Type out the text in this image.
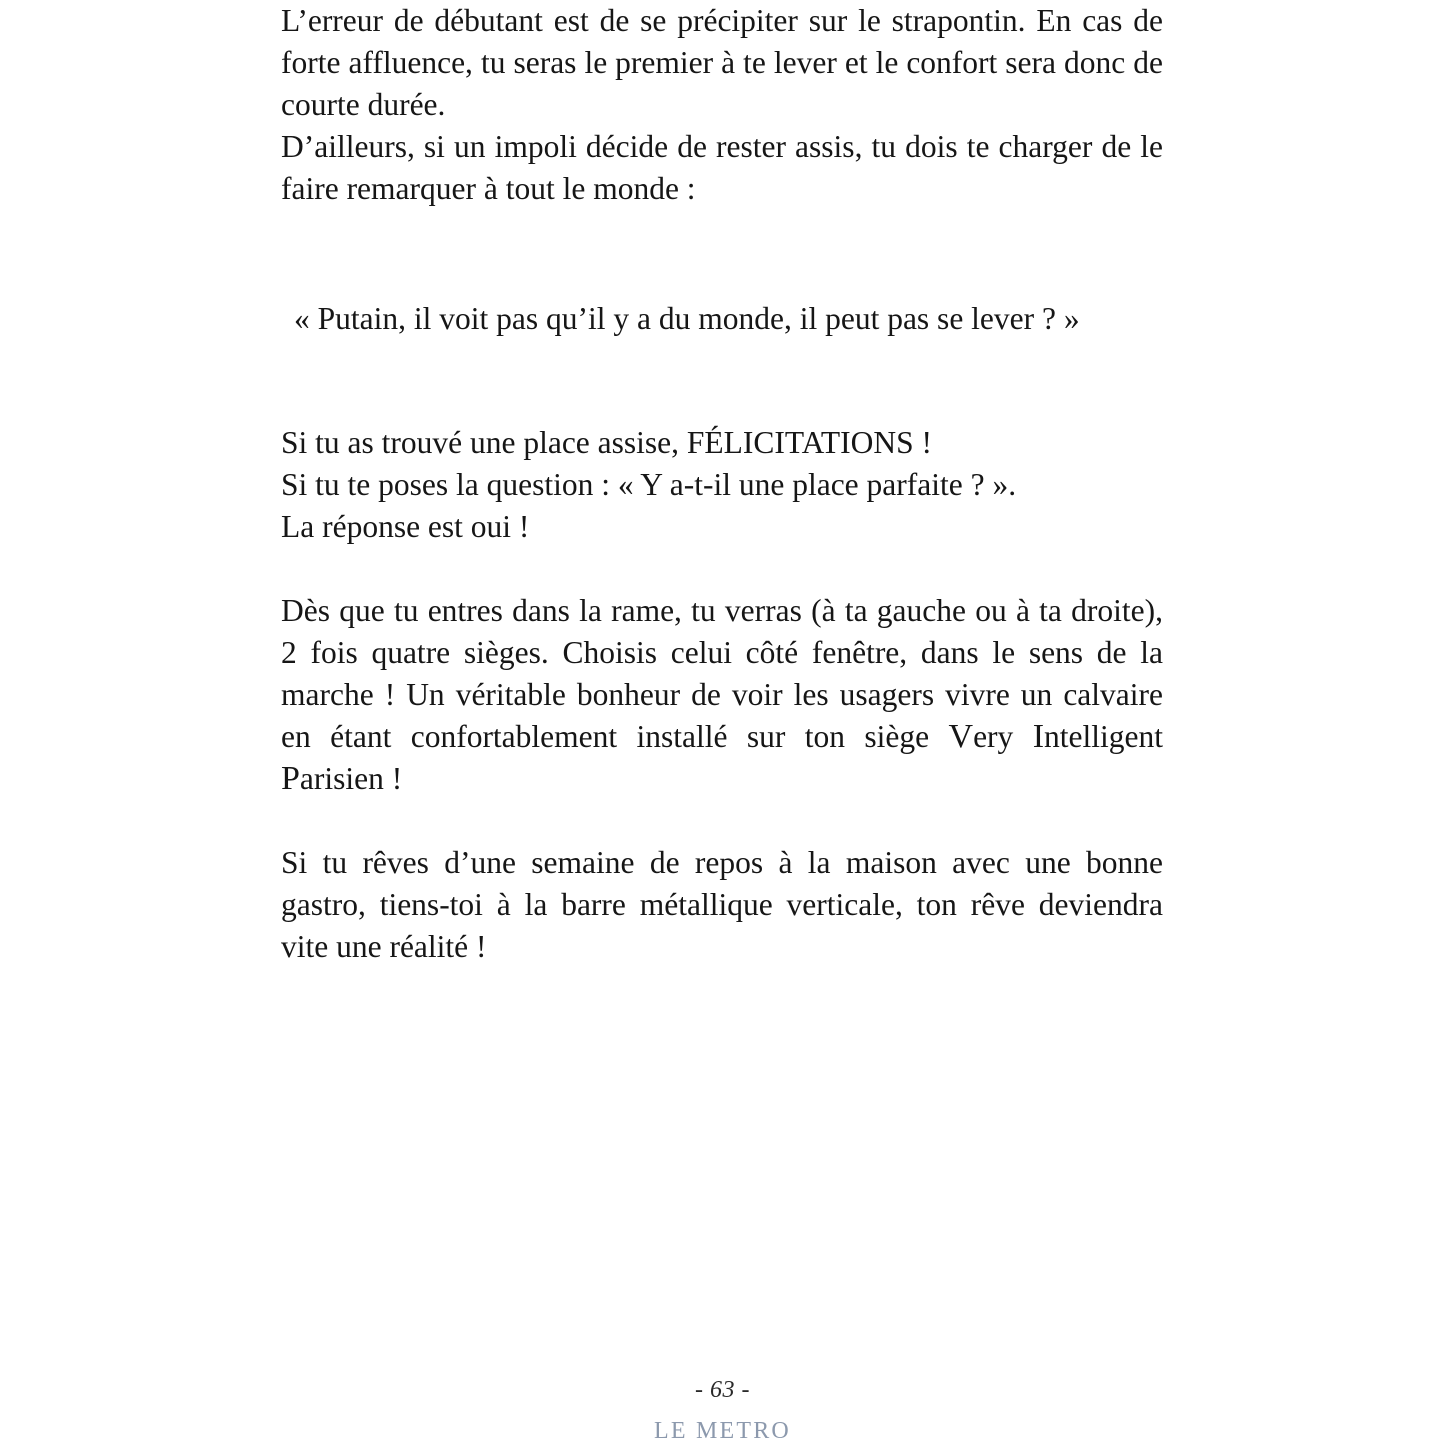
L’erreur de débutant est de se précipiter sur le strapontin. En cas de forte affluence, tu seras le premier à te lever et le confort sera donc de courte durée.

D’ailleurs, si un impoli décide de rester assis, tu dois te charger de le faire remarquer à tout le monde :

« Putain, il voit pas qu’il y a du monde, il peut pas se lever ? »

Si tu as trouvé une place assise, FÉLICITATIONS !

Si tu te poses la question : « Y a-t-il une place parfaite ? ».

La réponse est oui !

Dès que tu entres dans la rame, tu verras (à ta gauche ou à ta droite), 2 fois quatre sièges. Choisis celui côté fenêtre, dans le sens de la marche ! Un véritable bonheur de voir les usagers vivre un calvaire en étant confortablement installé sur ton siège Very Intelligent Parisien !

Si tu rêves d’une semaine de repos à la maison avec une bonne gastro, tiens-toi à la barre métallique verticale, ton rêve deviendra vite une réalité !

- 63 -
LE METRO
